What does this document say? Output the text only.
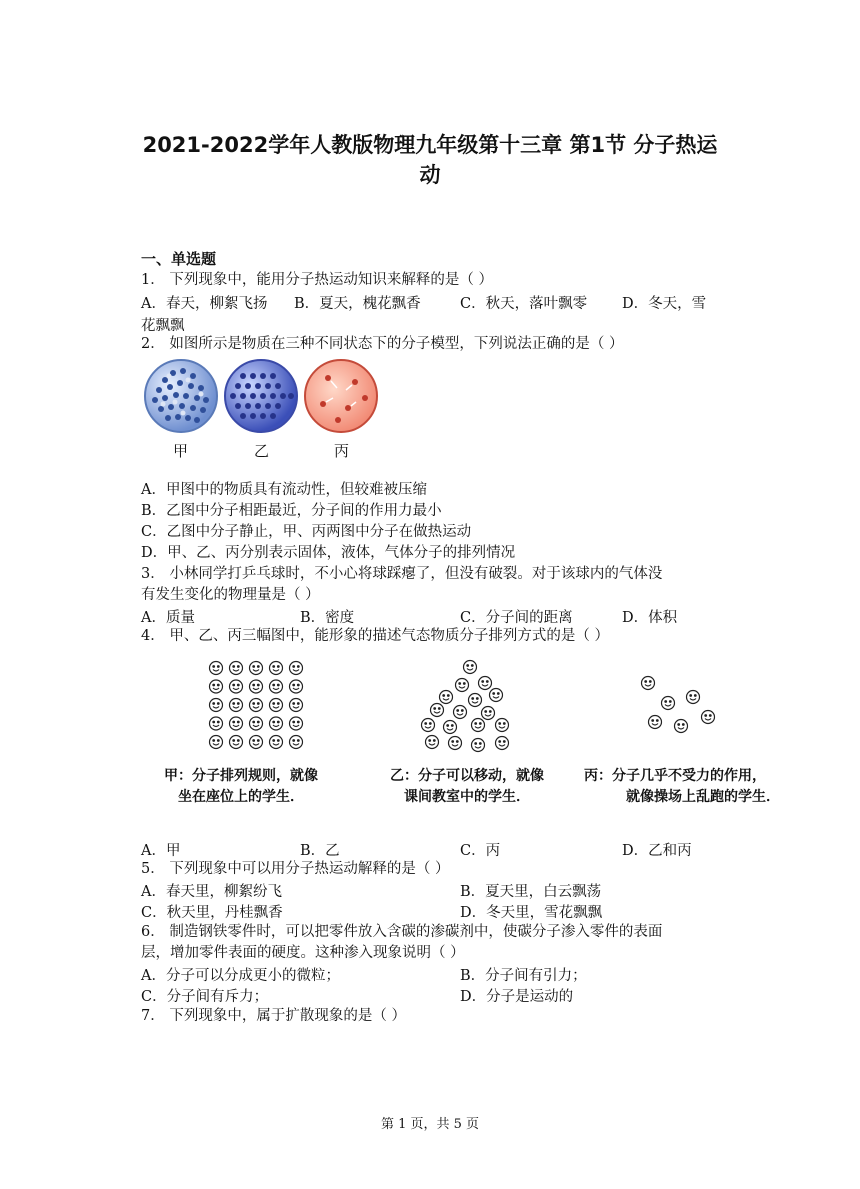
2021-2022学年人教版物理九年级第十三章 第1节 分子热运
动
一、单选题
1． 下列现象中，能用分子热运动知识来解释的是（ ）
A．春天，柳絮飞扬 B．夏天，槐花飘香	C．秋天，落叶飘零 D．冬天，雪
花飘飘
2． 如图所示是物质在三种不同状态下的分子模型，下列说法正确的是（ ）
甲	乙	丙
A．甲图中的物质具有流动性，但较难被压缩
B．乙图中分子相距最近，分子间的作用力最小
C．乙图中分子静止，甲、丙两图中分子在做热运动
D．甲、乙、丙分别表示固体，液体，气体分子的排列情况
3． 小林同学打乒乓球时，不小心将球踩瘪了，但没有破裂。对于该球内的气体没
有发生变化的物理量是（ ）
A．质量	B．密度	C．分子间的距离	D．体积
4． 甲、乙、丙三幅图中，能形象的描述气态物质分子排列方式的是（ ）
甲：分子排列规则，就像
坐在座位上的学生．
乙：分子可以移动，就像
课间教室中的学生．
丙：分子几乎不受力的作用，
就像操场上乱跑的学生．
A．甲	B．乙	C．丙	D．乙和丙
5． 下列现象中可以用分子热运动解释的是（ ）
A．春天里，柳絮纷飞	B．夏天里，白云飘荡
C．秋天里，丹桂飘香	D．冬天里，雪花飘飘
6． 制造钢铁零件时，可以把零件放入含碳的渗碳剂中，使碳分子渗入零件的表面
层，增加零件表面的硬度。这种渗入现象说明（ ）
A．分子可以分成更小的微粒；	B．分子间有引力；
C．分子间有斥力；	D．分子是运动的
7． 下列现象中，属于扩散现象的是（ ）
第 1 页，共 5 页
